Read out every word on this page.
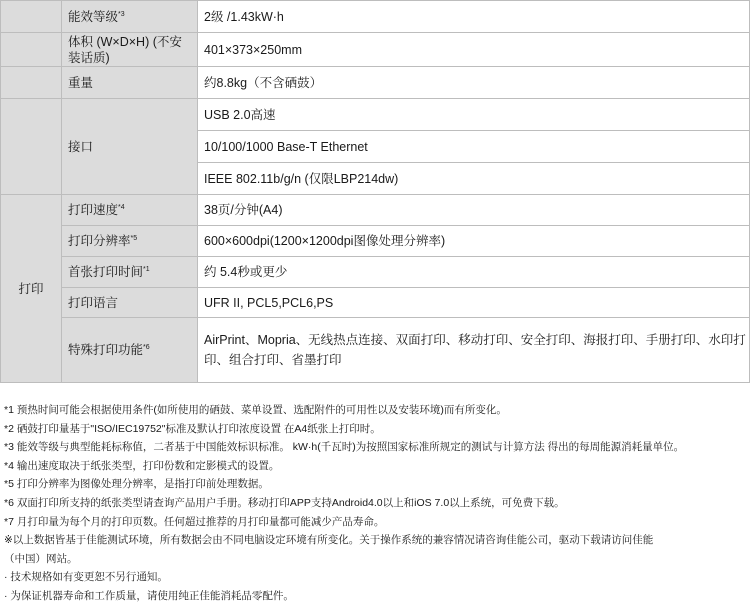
	能效等级$^{*3}$	2级 /1.43kW·h
	体积 (W×D×H) (不安装话质)	401×373×250mm
	重量	约8.8kg（不含硒鼓）
	接口	USB 2.0高速
		10/100/1000 Base-T Ethernet
		IEEE 802.11b/g/n (仅限LBP214dw)
打印	打印速度$^{*4}$	38页/分钟(A4)
	打印分辨率$^{*5}$	600×600dpi(1200×1200dpi图像处理分辨率)
	首张打印时间$^{*1}$	约 5.4秒或更少
	打印语言	UFR II, PCL5,PCL6,PS
	特殊打印功能$^{*6}$	AirPrint、Mopria、无线热点连接、双面打印、移动打印、安全打印、海报打印、手册打印、水印打
印、组合打印、省墨打印
*1 预热时间可能会根据使用条件(如所使用的硒鼓、菜单设置、选配附件的可用性以及安装环境)而有所变化。
*2 硒鼓打印量基于"ISO/IEC19752"标准及默认打印浓度设置 在A4纸张上打印时。
*3 能效等级与典型能耗标称值，二者基于中国能效标识标准。 kW·h(千瓦时)为按照国家标准所规定的测试与计算方法 得出的每周能源消耗量单位。
*4 输出速度取决于纸张类型，打印份数和定影模式的设置。
*5 打印分辨率为图像处理分辨率，是指打印前处理数据。
*6 双面打印所支持的纸张类型请查询产品用户手册。移动打印APP支持Android4.0以上和iOS 7.0以上系统，可免费下载。
*7 月打印量为每个月的打印页数。任何超过推荐的月打印量都可能减少产品寿命。
※以上数据皆基于佳能测试环境，所有数据会由不同电脑设定环境有所变化。关于操作系统的兼容情况请咨询佳能公司，驱动下载请访问佳能
（中国）网站。
· 技术规格如有变更恕不另行通知。
· 为保证机器寿命和工作质量，请使用纯正佳能消耗品零配件。
